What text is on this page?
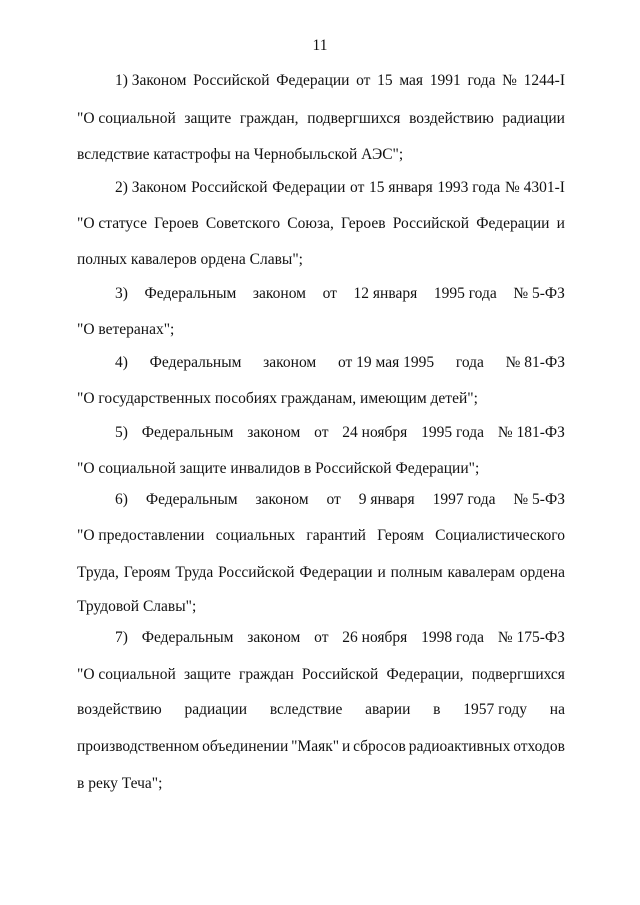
11
1) Законом Российской Федерации от 15 мая 1991 года № 1244-I
"О социальной защите граждан, подвергшихся воздействию радиации
вследствие катастрофы на Чернобыльской АЭС";
2) Законом Российской Федерации от 15 января 1993 года № 4301-I
"О статусе Героев Советского Союза, Героев Российской Федерации и
полных кавалеров ордена Славы";
3) Федеральным законом от 12 января 1995 года № 5-ФЗ
"О ветеранах";
4) Федеральным законом от 19 мая 1995 года № 81-ФЗ
"О государственных пособиях гражданам, имеющим детей";
5) Федеральным законом от 24 ноября 1995 года № 181-ФЗ
"О социальной защите инвалидов в Российской Федерации";
6) Федеральным законом от 9 января 1997 года № 5-ФЗ
"О предоставлении социальных гарантий Героям Социалистического
Труда, Героям Труда Российской Федерации и полным кавалерам ордена
Трудовой Славы";
7) Федеральным законом от 26 ноября 1998 года № 175-ФЗ
"О социальной защите граждан Российской Федерации, подвергшихся
воздействию радиации вследствие аварии в 1957 году на
производственном объединении "Маяк" и сбросов радиоактивных отходов
в реку Теча";
